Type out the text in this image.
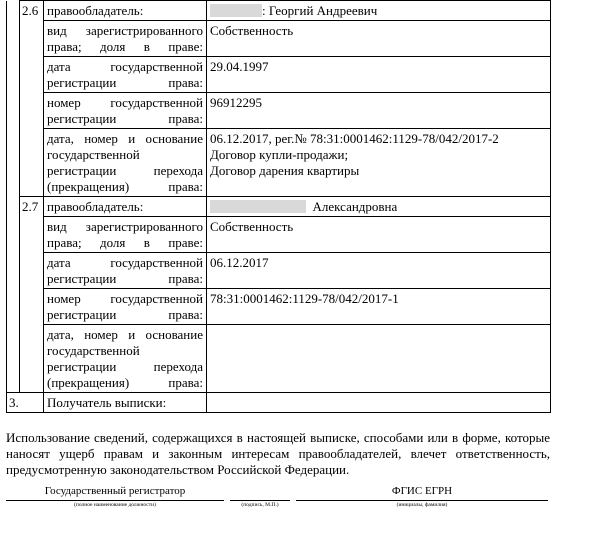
	2.6	правообладатель:	: Георгий Андреевич

		вид зарегистрированного права; доля в праве:	Собственность

		дата государственной регистрации права:	29.04.1997

		номер государственной регистрации права:	96912295

		дата, номер и основание государственной регистрации перехода (прекращения) права:	06.12.2017, рег.№ 78:31:0001462:1129-78/042/2017-2
Договор купли-продажи;
Договор дарения квартиры

	2.7	правообладатель:	Александровна

		вид зарегистрированного права; доля в праве:	Собственность

		дата государственной регистрации права:	06.12.2017

		номер государственной регистрации права:	78:31:0001462:1129-78/042/2017-1

		дата, номер и основание государственной регистрации перехода (прекращения) права:	

3.		Получатель выписки:	
Использование сведений, содержащихся в настоящей выписке, способами или в форме, которые наносят ущерб правам и законным интересам правообладателей, влечет ответственность, предусмотренную законодательством Российской Федерации.
Государственный регистратор
(полное наименование должности)	(подпись, М.П.)
ФГИС ЕГРН
(инициалы, фамилия)
